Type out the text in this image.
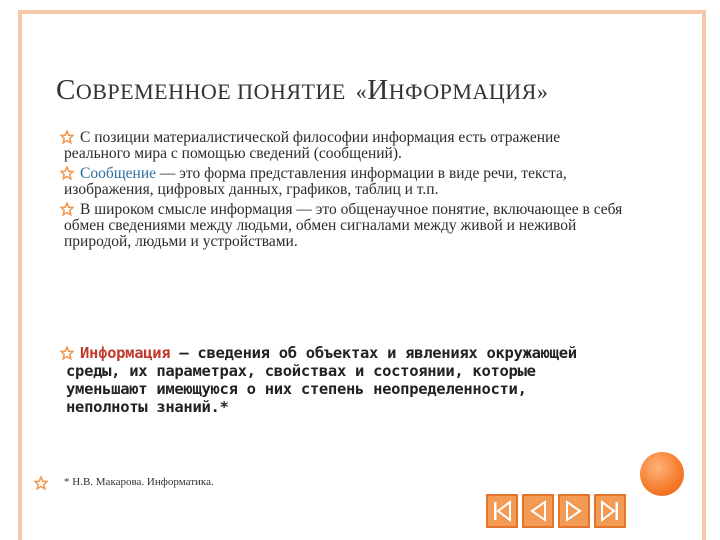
СОВРЕМЕННОЕ ПОНЯТИЕ «ИНФОРМАЦИЯ»

С позиции материалистической философии информация есть отражение реального мира с помощью сведений (сообщений).

Сообщение — это форма представления информации в виде речи, текста, изображения, цифровых данных, графиков, таблиц и т.п.

В широком смысле информация — это общенаучное понятие, включающее в себя обмен сведениями между людьми, обмен сигналами между живой и неживой природой, людьми и устройствами.

Информация — сведения об объектах и явлениях окружающей среды, их параметрах, свойствах и состоянии, которые уменьшают имеющуюся о них степень неопределенности, неполноты знаний.*
* Н.В. Макарова. Информатика.
